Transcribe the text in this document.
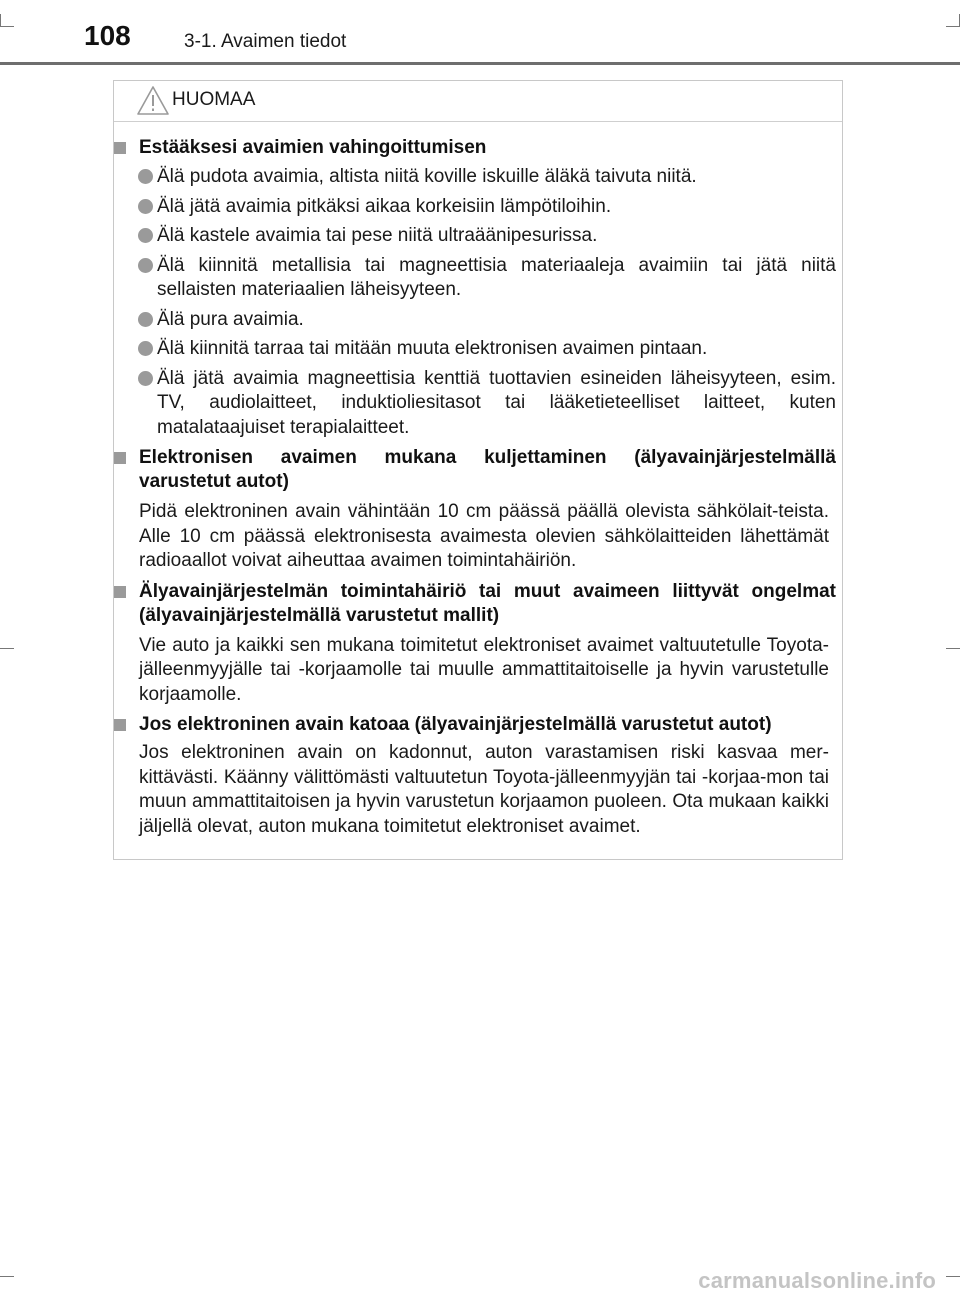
108	3-1. Avaimen tiedot
HUOMAA
Estääksesi avaimien vahingoittumisen
Älä pudota avaimia, altista niitä koville iskuille äläkä taivuta niitä.
Älä jätä avaimia pitkäksi aikaa korkeisiin lämpötiloihin.
Älä kastele avaimia tai pese niitä ultraäänipesurissa.
Älä kiinnitä metallisia tai magneettisia materiaaleja avaimiin tai jätä niitä sellaisten materiaalien läheisyyteen.
Älä pura avaimia.
Älä kiinnitä tarraa tai mitään muuta elektronisen avaimen pintaan.
Älä jätä avaimia magneettisia kenttiä tuottavien esineiden läheisyyteen, esim. TV, audiolaitteet, induktioliesitasot tai lääketieteelliset laitteet, kuten matalataajuiset terapialaitteet.
Elektronisen avaimen mukana kuljettaminen (älyavainjärjestelmällä varustetut autot)
Pidä elektroninen avain vähintään 10 cm päässä päällä olevista sähkölait-teista. Alle 10 cm päässä elektronisesta avaimesta olevien sähkölaitteiden lähettämät radioaallot voivat aiheuttaa avaimen toimintahäiriön.
Älyavainjärjestelmän toimintahäiriö tai muut avaimeen liittyvät ongelmat (älyavainjärjestelmällä varustetut mallit)
Vie auto ja kaikki sen mukana toimitetut elektroniset avaimet valtuutetulle Toyota-jälleenmyyjälle tai -korjaamolle tai muulle ammattitaitoiselle ja hyvin varustetulle korjaamolle.
Jos elektroninen avain katoaa (älyavainjärjestelmällä varustetut autot)
Jos elektroninen avain on kadonnut, auton varastamisen riski kasvaa mer-kittävästi. Käänny välittömästi valtuutetun Toyota-jälleenmyyjän tai -korjaa-mon tai muun ammattitaitoisen ja hyvin varustetun korjaamon puoleen. Ota mukaan kaikki jäljellä olevat, auton mukana toimitetut elektroniset avaimet.
carmanualsonline.info
